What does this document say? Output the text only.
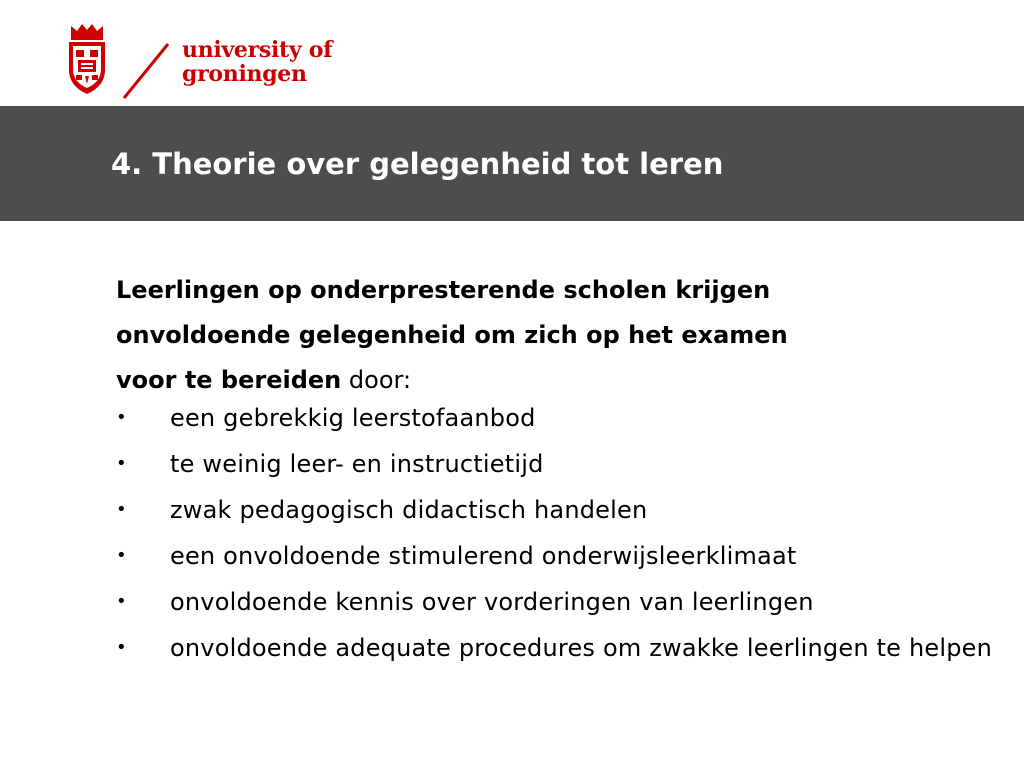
university of
groningen
4. Theorie over gelegenheid tot leren

Leerlingen op onderpresterende scholen krijgen
onvoldoende gelegenheid om zich op het examen
voor te bereiden door:

• een gebrekkig leerstofaanbod
• te weinig leer- en instructietijd
• zwak pedagogisch didactisch handelen
• een onvoldoende stimulerend onderwijsleerklimaat
• onvoldoende kennis over vorderingen van leerlingen
• onvoldoende adequate procedures om zwakke leerlingen te helpen
